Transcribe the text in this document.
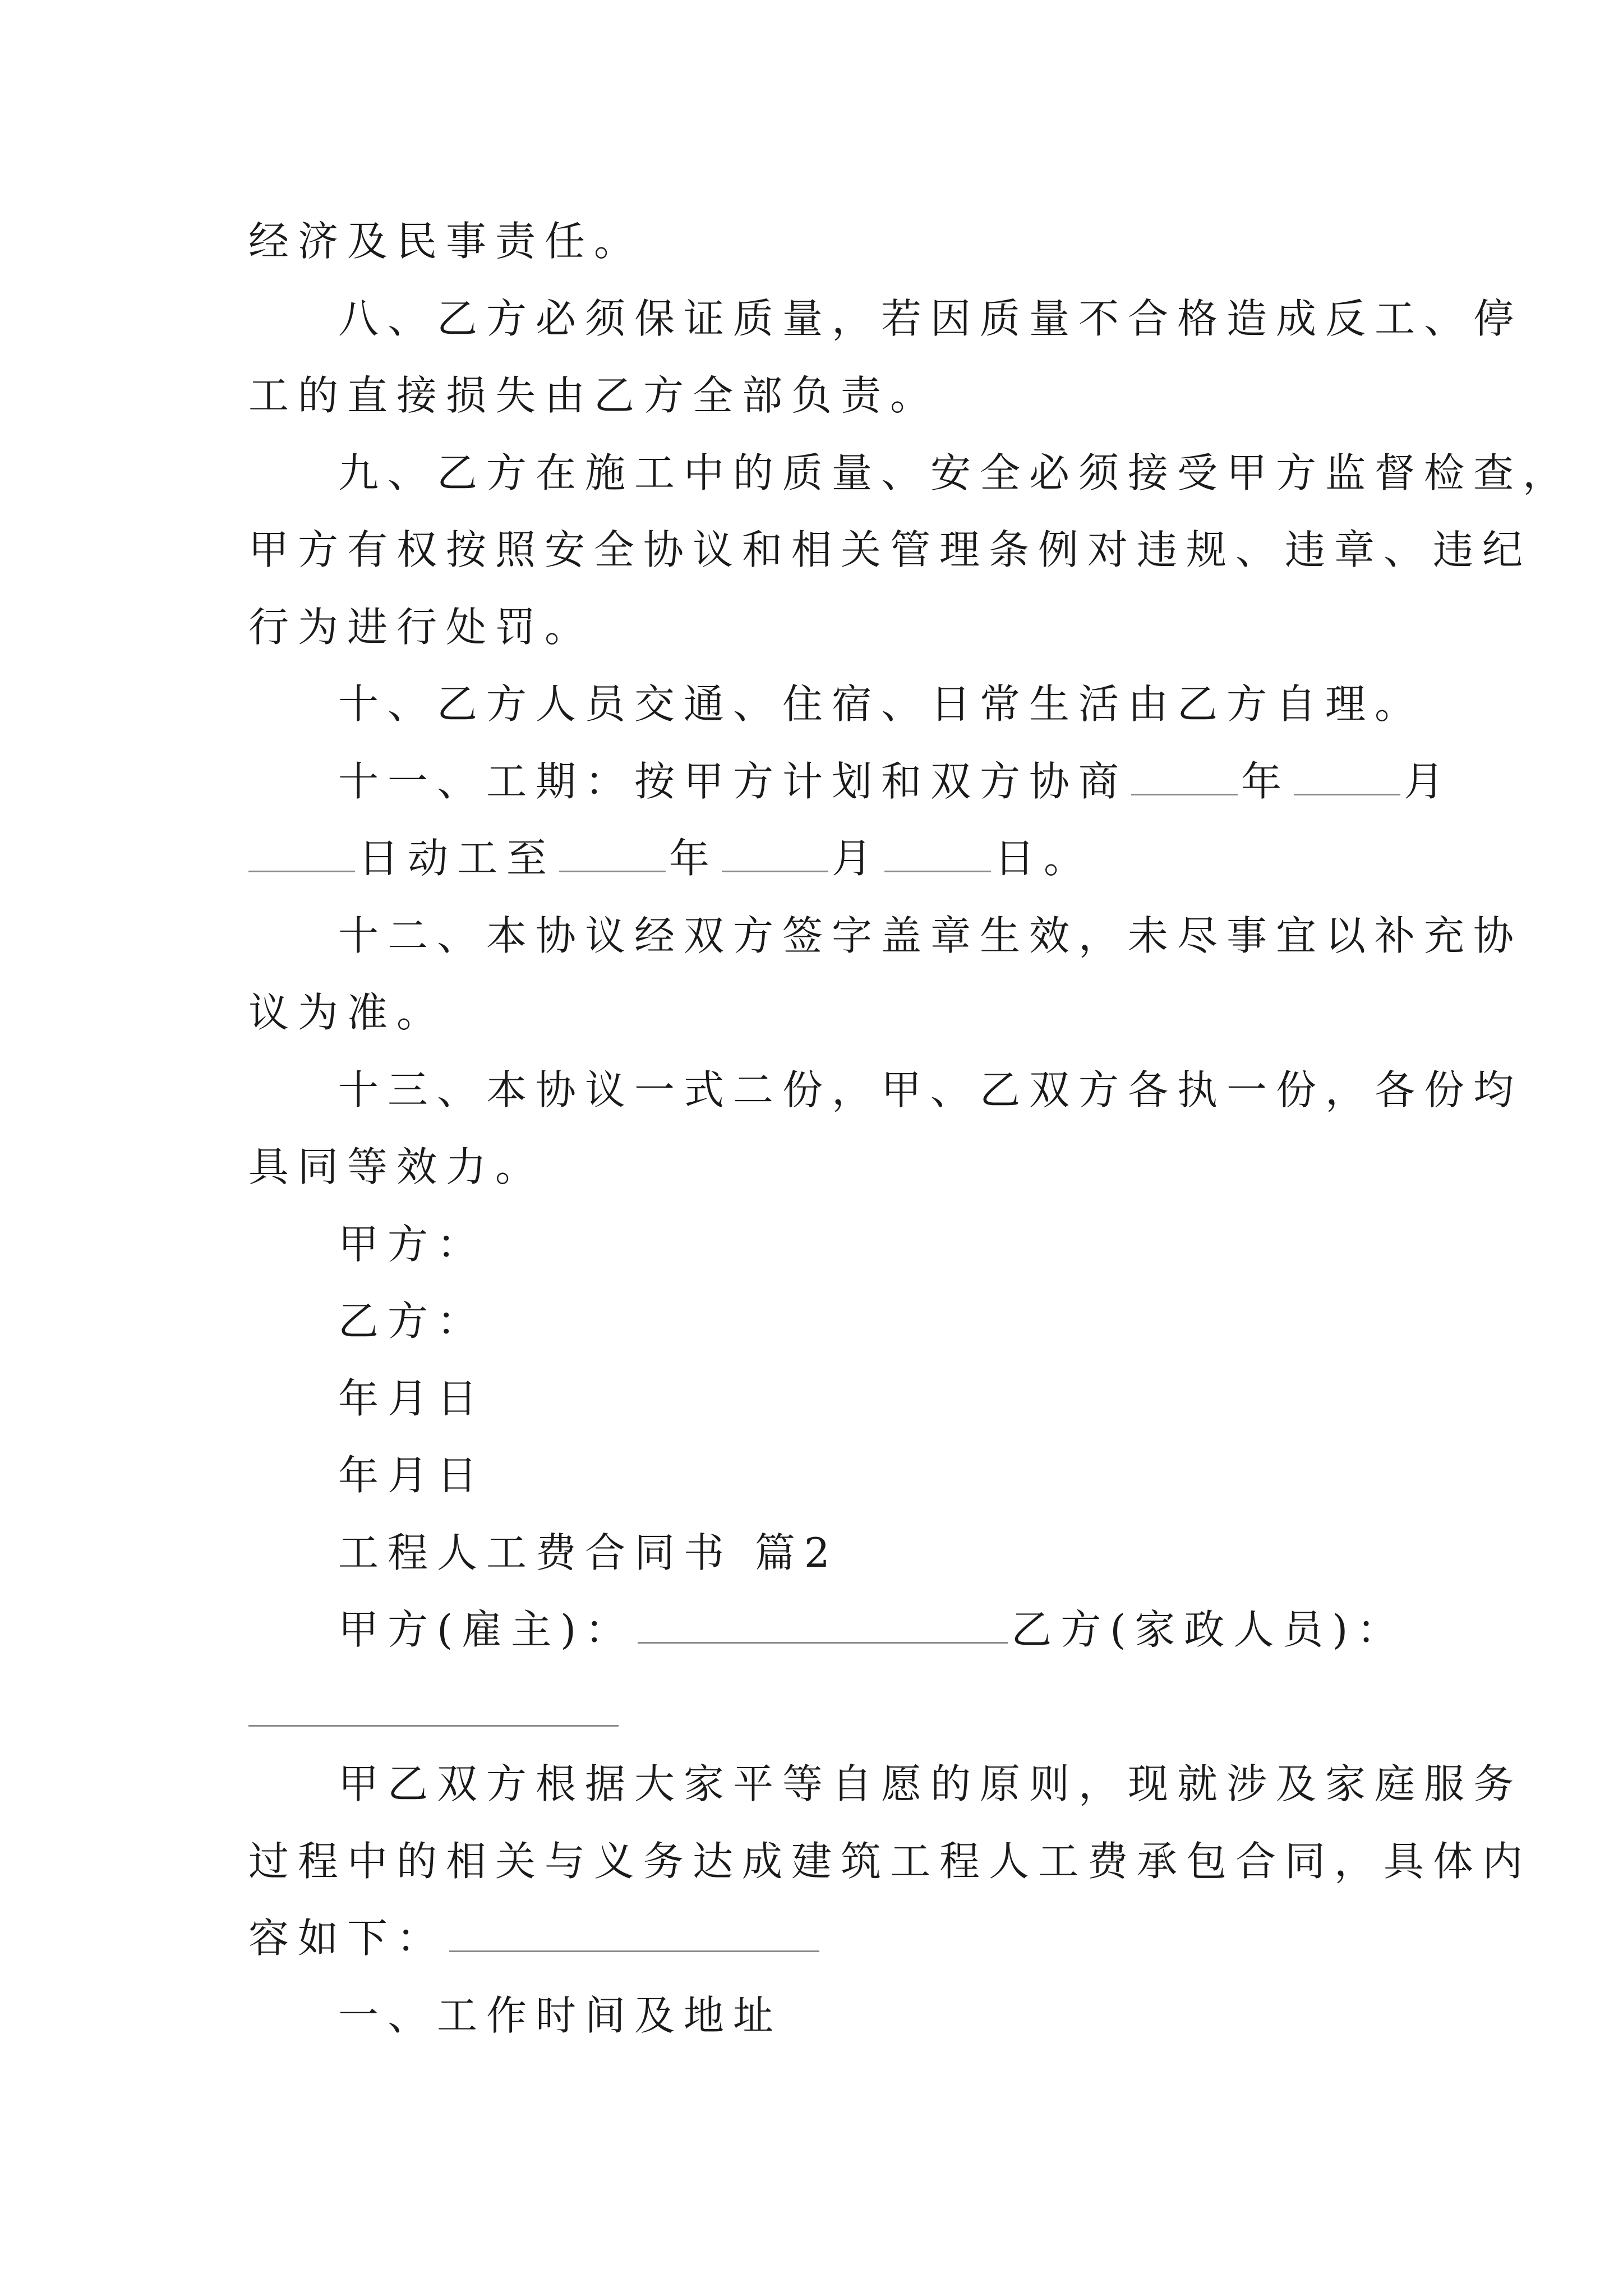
经济及民事责任。
八、乙方必须保证质量，若因质量不合格造成反工、停
工的直接损失由乙方全部负责。
九、乙方在施工中的质量、安全必须接受甲方监督检查，
甲方有权按照安全协议和相关管理条例对违规、违章、违纪
行为进行处罚。
十、乙方人员交通、住宿、日常生活由乙方自理。
十一、工期：按甲方计划和双方协商	年	月
日动工至	年	月	日。
十二、本协议经双方签字盖章生效，未尽事宜以补充协
议为准。
十三、本协议一式二份，甲、乙双方各执一份，各份均
具同等效力。
甲方：
乙方：
年月日
年月日
工程人工费合同书 篇2
甲方(雇主)：	乙方(家政人员)：
甲乙双方根据大家平等自愿的原则，现就涉及家庭服务
过程中的相关与义务达成建筑工程人工费承包合同，具体内
容如下：
一、工作时间及地址
